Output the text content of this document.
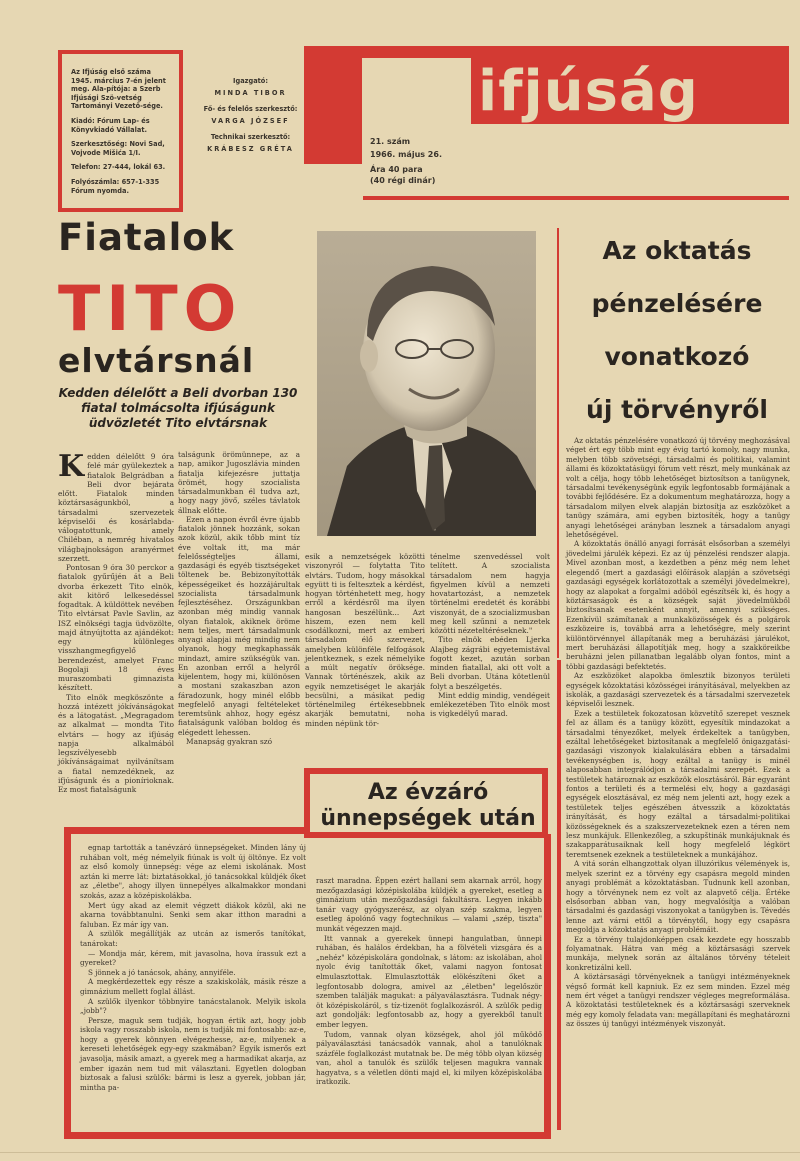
Az Ifjúság első száma 1945. március 7-én jelent meg. Ala-pítója: a Szerb Ifjúsági Szö-vetség Tartományi Vezető-sége.

Kiadó: Fórum Lap- és Könyvkiadó Vállalat.

Szerkesztőség: Novi Sad, Vojvode Mišića 1/I.

Telefon: 27-444, lokál 63.

Folyószámla: 657-1-335 Fórum nyomda.

Igazgató:
MINDA TIBOR
Fő- és felelős szerkesztő:
VARGA JÓZSEF
Technikai szerkesztő:
KRÁBESZ GRÉTA
ifjúság
21. szám
1966. május 26.
Ára 40 para
(40 régi dinár)
Fiatalok
TITO
elvtársnál
Kedden délelőtt a Beli dvorban 130 fiatal tolmácsolta ifjúságunk üdvözletét Tito elvtársnak
Az oktatás
pénzelésére
vonatkozó
új törvényről
K edden délelőtt 9 óra felé már gyülekeztek a fiatalok Belgrádban a Beli dvor bejárata előtt. Fiatalok minden köztársaságunkból, a társadalmi szervezetek képviselői és kosárlabda-válogatottunk, amely Chiléban, a nemrég hivatalos világbajnokságon aranyérmet szerzett.

Pontosan 9 óra 30 perckor a fiatalok gyűrűjén át a Beli dvorba érkezett Tito elnök, akit kitörő lelkesedéssel fogadtak. A küldöttek nevében Tito elvtársat Pavle Savlin, az ISZ elnökségi tagja üdvözölte, majd átnyújtotta az ajándékot: egy különleges visszhangmegfigyelő berendezést, amelyet Franc Bogolaji 18 éves muraszombati gimnazista készített.

Tito elnök megköszönte a hozzá intézett jókívánságokat és a látogatást. „Megragadom az alkalmat — mondta Tito elvtárs — hogy az ifjúság napja alkalmából legszívélyesebb jókívánságaimat nyilvánítsam a fiatal nemzedéknek, az ifjúságunk és a pionírioknak. Ez most fiatalságunk

talságunk örömünnepe, az a nap, amikor Jugoszlávia minden fiatalja kifejezésre juttatja örömét, hogy szocialista társadalmunkban él tudva azt, hogy nagy jövő, széles távlatok állnak előtte.

Ezen a napon évről évre újabb fiatalok jönnek hozzánk, sokan azok közül, akik tőbb mint tíz éve voltak itt, ma már felelősségteljes állami, gazdasági és egyéb tisztségeket töltenek be. Bebizonyították képességeiket és hozzájárultak szocialista társadalmunk fejlesztéséhez. Országunkban azonban még mindig vannak olyan fiatalok, akiknek öröme nem teljes, mert társadalmunk anyagi alapjai még mindig nem olyanok, hogy megkaphassák mindazt, amire szükségük van. En azonban erről a helyről kijelentem, hogy mi, különösen a mostani szakaszban azon fáradozunk, hogy minél előbb megfelelő anyagi feltételeket teremtsünk ahhoz, hogy egész fiatalságunk valóban boldog és elégedett lehessen.

Manapság gyakran szó

esik a nemzetségek közötti viszonyról — folytatta Tito elvtárs. Tudom, hogy másokkal együtt ti is feltesztek a kérdést, hogyan történhetett meg, hogy erről a kérdésről ma ilyen hangosan beszélünk... Azt hiszem, ezen nem kell csodálkozni, mert az emberi társadalom élő szervezet, amelyben különféle felfogások jelentkeznek, s ezek némelyike a múlt negatív öröksége. Vannak történészek, akik az egyik nemzetiséget le akarják becsülni, a másikat pedig történelmileg értékesebbnek akarják bemutatni, noha minden népünk tör-

ténelme szenvedéssel volt telített. A szocialista társadalom nem hagyja figyelmen kívül a nemzeti hovatartozást, a nemzetek történelmi eredetét és korábbi viszonyát, de a szocializmusban meg kell szűnni a nemzetek közötti nézeteltéréseknek."

Tito elnök ebéden Ljerka Alajbeg zágrábi egyetemistával fogott kezet, azután sorban minden fiatallal, aki ott volt a Beli dvorban. Utána kötetlenül folyt a beszélgetés.

Mint eddig mindig, vendégeit emlékezetében Tito elnök most is vigkedélyű marad.

Az oktatás pénzelésére vonatkozó új törvény meghozásával véget ért egy több mint egy évig tartó komoly, nagy munka, melyben több szövetségi, társadalmi és politikai, valamint állami és közoktatásügyi fórum vett részt, mely munkának az volt a célja, hogy több lehetőséget biztosítson a tanügynek, társadalmi tevékenységünk egyik legfontosabb formájának a további fejlődésére. Ez a dokumentum meghatározza, hogy a társadalom milyen elvek alapján biztosítja az eszközöket a tanügy számára, ami egyben biztosíték, hogy a tanügy anyagi lehetőségei arányban lesznek a társadalom anyagi lehetőségével.

A közoktatás önálló anyagi forrását elsősorban a személyi jövedelmi járulék képezi. Ez az új pénzelési rendszer alapja. Mivel azonban most, a kezdetben a pénz még nem lehet elegendő (mert a gazdasági előírások alapján a szövetségi gazdasági egységek korlátozottak a személyi jövedelmekre), hogy az alapokat a forgalmi adóból egészítsék ki, és hogy a köztársaságok és a községek saját jövedelmükből biztosítsanak esetenként annyit, amennyi szükséges. Ezenkívül számítanak a munkaközösségek és a polgárok eszközeire is, továbbá arra a lehetőségre, mely szerint különtörvénnyel állapítanák meg a beruházási járulékot, mert beruházási állapotítják meg, hogy a szakköreikbe beruházni jelen pillanatban legalább olyan fontos, mint a többi gazdasági befektetés.

Az eszközöket alapokba ömlesztik bizonyos területi egységek közoktatási közösségei irányításával, melyekben az iskolák, a gazdasági szervezetek és a társadalmi szervezetek képviselői lesznek.

Ezek a testületek fokozatosan közvetítő szerepet vesznek fel az állam és a tanügy között, egyesítik mindazokat a társadalmi tényezőket, melyek érdekeltek a tanügyben, ezáltal lehetőségeket biztosítanak a megfelelő önigazgatási-gazdasági viszonyok kialakulására ebben a társadalmi tevékenységben is, hogy ezáltal a tanügy is minél alaposabban integrálódjon a társadalmi szerepét. Ezek a testületek határoznak az eszközök elosztásáról. Bár egyaránt fontos a területi és a termelési elv, hogy a gazdasági egységek elosztásával, ez még nem jelenti azt, hogy ezek a testületek teljes egészében átvesszik a közoktatás irányítását, és hogy ezáltal a társadalmi-politikai közösségeknek és a szakszervezeteknek ezen a téren nem lesz munkájuk. Ellenkezőleg, a szkupštinák munkájuknak és szakapparátusaiknak kell hogy megfelelő légkört teremtsenek ezeknek a testületeknek a munkájához.

A vitá során elhangzottak olyan illuzórikus vélemények is, melyek szerint ez a törvény egy csapásra megold minden anyagi problémát a közoktatásban. Tudnunk kell azonban, hogy a törvénynek nem ez volt az alapvető célja. Értéke elsősorban abban van, hogy megvalósítja a valóban társadalmi és gazdasági viszonyokat a tanügyben is. Tévedés lenne azt várni ettől a törvénytől, hogy egy csapásra megoldja a közoktatás anyagi problémáit.

Ez a törvény tulajdonképpen csak kezdete egy hosszabb folyamatnak. Hátra van még a köztársasági szervek munkája, melynek során az általános törvény tételeit konkretizálni kell.

A köztársasági törvényeknek a tanügyi intézményeknek végső formát kell kapniuk. Ez ez sem minden. Ezzel még nem ért véget a tanügyi rendszer végleges megreformálása. A közoktatási testületeknek és a köztársasági szerveknek még egy komoly feladata van: megállapítani és meghatározni az összes új tanügyi intézmények viszonyát.

Az évzáró ünnepségek után

egnap tartották a tanévzáró ünnepségeket. Minden lány új ruhában volt, még némelyik fiúnak is volt új öltönye. Ez volt az első komoly ünnepség: vége az elemi iskolának. Most aztán ki merre lát: biztatásokkal, jó tanácsokkal küldjék őket az „életbe", ahogy illyen ünnepélyes alkalmakkor mondani szokás, azaz a középiskolákba.

Mert úgy akad az elemit végzett diákok közül, aki ne akarna továbbtanulni. Senki sem akar itthon maradni a faluban. Ez már így van.

A szülők megállítják az utcán az ismerős tanítókat, tanárokat:

— Mondja már, kérem, mit javasolna, hova írassuk ezt a gyereket?

S jönnek a jó tanácsok, ahány, annyiféle.

A megkérdezettek egy része a szakiskolák, másik része a gimnázium mellett foglal állást.

A szülők ilyenkor többnyire tanácstalanok. Melyik iskola „jobb"?

Persze, maguk sem tudják, hogyan értik azt, hogy jobb iskola vagy rosszabb iskola, nem is tudják mi fontosabb: az-e, hogy a gyerek könnyen elvégezhesse, az-e, milyenek a kereseti lehetőségek egy-egy szakmában? Egyik ismerős ezt javasolja, másik amazt, a gyerek meg a harmadikat akarja, az ember igazán nem tud mit választani. Egyetlen dologban biztosak a falusi szülők: bármi is lesz a gyerek, jobban jár, mintha pa-

raszt maradna. Éppen ezért hallani sem akarnak arról, hogy mezőgazdasági középiskolába küldjék a gyereket, esetleg a gimnázium után mezőgazdasági fakultásra. Legyen inkább tanár vagy gyógyszerész, az olyan szép szakma, legyen esetleg ápolónő vagy fogtechnikus — valami „szép, tiszta" munkát végezzen majd.

Itt vannak a gyerekek ünnepi hangulatban, ünnepi ruhában, és halálos érdekban, ha a fölvételi vizsgára és a „nehéz" középiskolára gondolnak, s látom: az iskolában, ahol nyolc évig tanították őket, valami nagyon fontosat elmulasztottak. Elmulasztották elökészíteni őket a legfontosabb dologra, amivel az „életben" legelőször szemben találják magukat: a pályaválasztásra. Tudnak négy-öt középiskoláról, s tíz-tizenöt foglalkozásról. A szülők pedig azt gondolják: legfontosabb az, hogy a gyerekből tanult ember legyen.

Tudom, vannak olyan községek, ahol jól működő pályaválasztási tanácsadók vannak, ahol a tanulóknak százféle foglalkozást mutatnak be. De még több olyan község van, ahol a tanulók és szülők teljesen magukra vannak hagyatva, s a véletlen dönti majd el, ki milyen középiskolába iratkozik.
